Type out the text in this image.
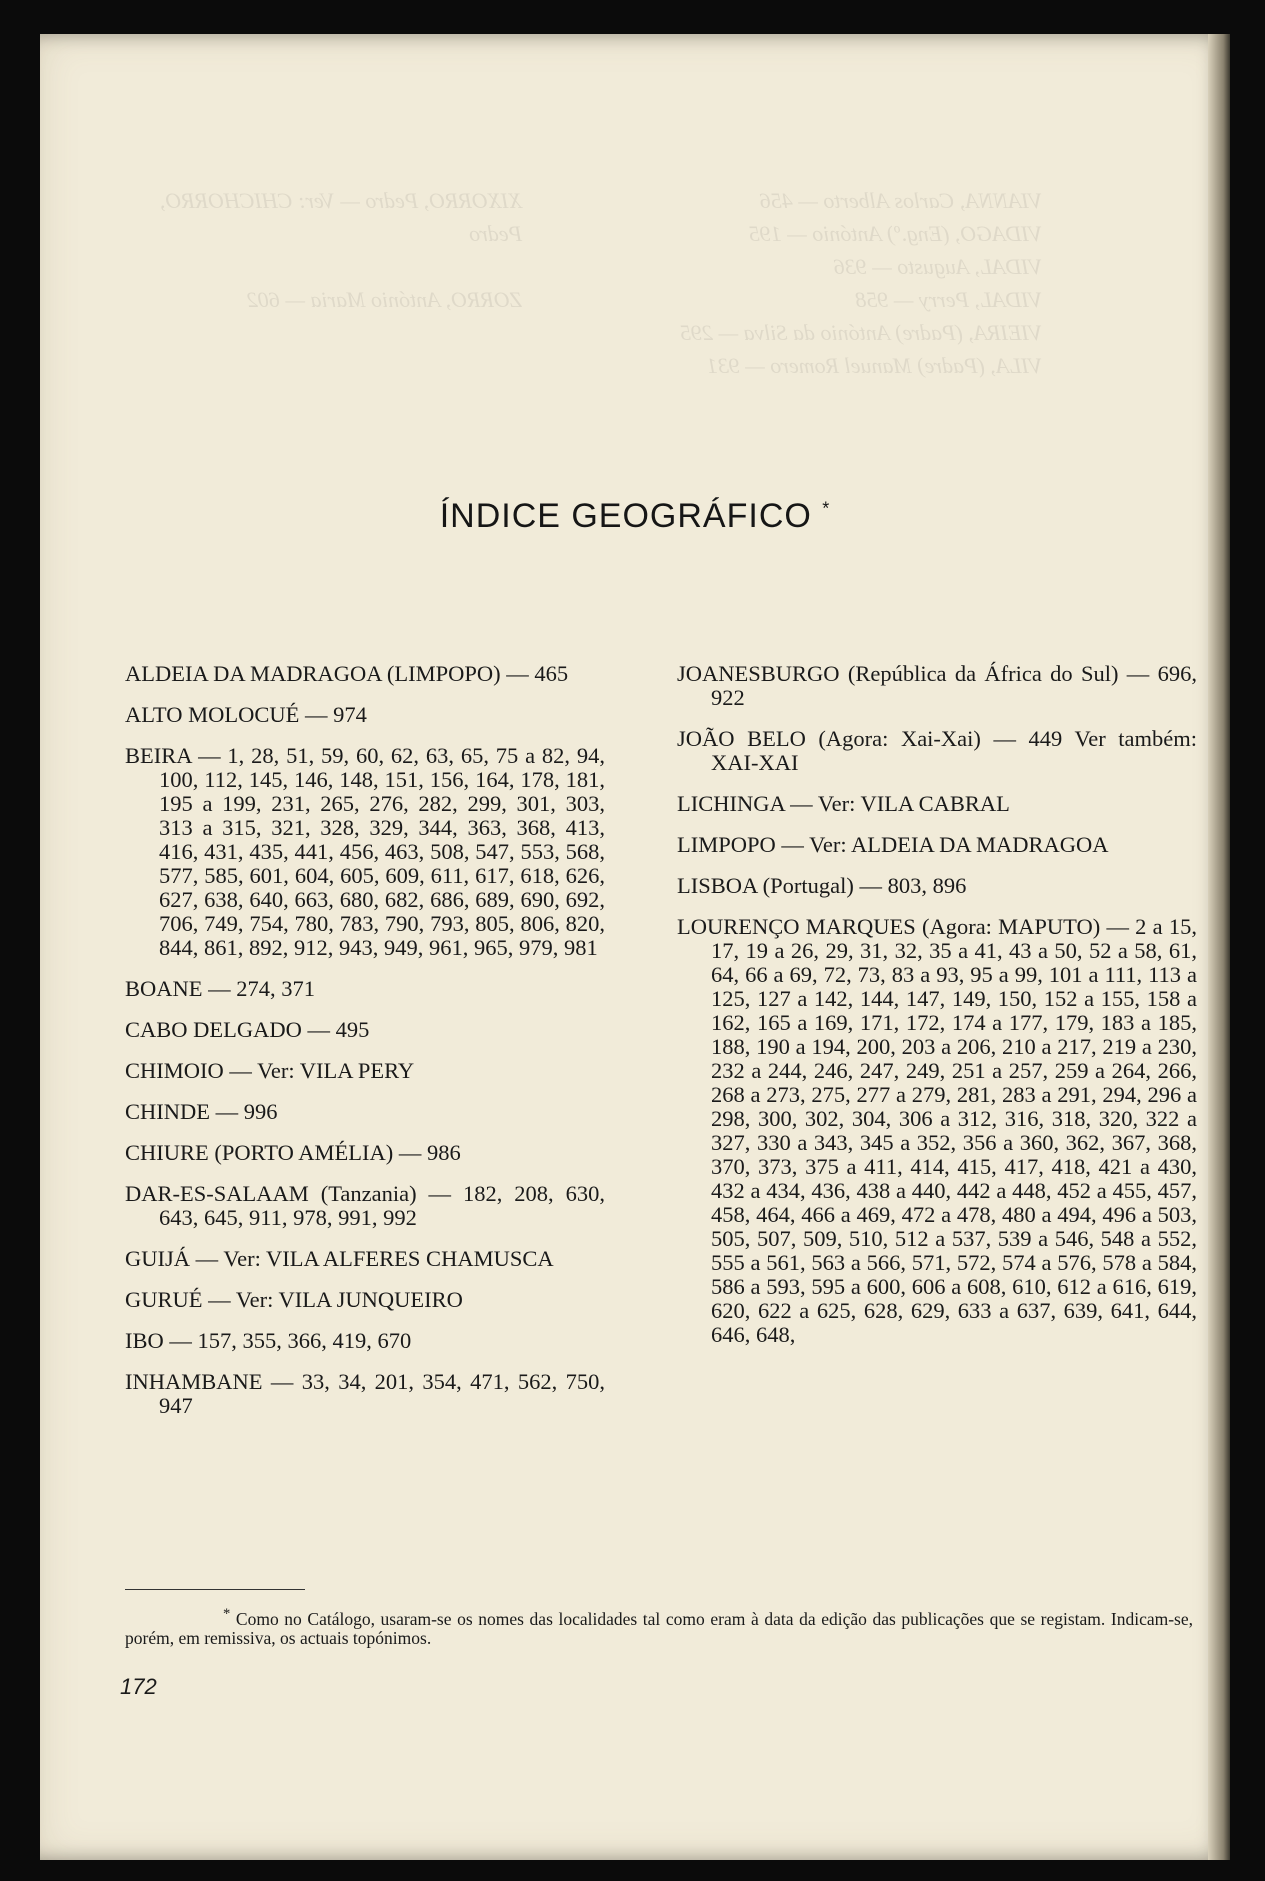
XIXORRO, Pedro — Ver: CHICHORRO,
Pedro

ZORRO, António Maria — 602
VIANNA, Carlos Alberto — 456
VIDAGO, (Eng.º) António — 195
VIDAL, Augusto — 936
VIDAL, Perry — 958
VIEIRA, (Padre) António da Silva — 295
VILA, (Padre) Manuel Romero — 931
ÍNDICE GEOGRÁFICO *
ALDEIA DA MADRAGOA (LIMPOPO) — 465
ALTO MOLOCUÉ — 974
BEIRA — 1, 28, 51, 59, 60, 62, 63, 65, 75 a 82, 94, 100, 112, 145, 146, 148, 151, 156, 164, 178, 181, 195 a 199, 231, 265, 276, 282, 299, 301, 303, 313 a 315, 321, 328, 329, 344, 363, 368, 413, 416, 431, 435, 441, 456, 463, 508, 547, 553, 568, 577, 585, 601, 604, 605, 609, 611, 617, 618, 626, 627, 638, 640, 663, 680, 682, 686, 689, 690, 692, 706, 749, 754, 780, 783, 790, 793, 805, 806, 820, 844, 861, 892, 912, 943, 949, 961, 965, 979, 981
BOANE — 274, 371
CABO DELGADO — 495
CHIMOIO — Ver: VILA PERY
CHINDE — 996
CHIURE (PORTO AMÉLIA) — 986
DAR-ES-SALAAM (Tanzania) — 182, 208, 630, 643, 645, 911, 978, 991, 992
GUIJÁ — Ver: VILA ALFERES CHAMUSCA
GURUÉ — Ver: VILA JUNQUEIRO
IBO — 157, 355, 366, 419, 670
INHAMBANE — 33, 34, 201, 354, 471, 562, 750, 947
JOANESBURGO (República da África do Sul) — 696, 922
JOÃO BELO (Agora: Xai-Xai) — 449 Ver também: XAI-XAI
LICHINGA — Ver: VILA CABRAL
LIMPOPO — Ver: ALDEIA DA MADRAGOA
LISBOA (Portugal) — 803, 896
LOURENÇO MARQUES (Agora: MAPUTO) — 2 a 15, 17, 19 a 26, 29, 31, 32, 35 a 41, 43 a 50, 52 a 58, 61, 64, 66 a 69, 72, 73, 83 a 93, 95 a 99, 101 a 111, 113 a 125, 127 a 142, 144, 147, 149, 150, 152 a 155, 158 a 162, 165 a 169, 171, 172, 174 a 177, 179, 183 a 185, 188, 190 a 194, 200, 203 a 206, 210 a 217, 219 a 230, 232 a 244, 246, 247, 249, 251 a 257, 259 a 264, 266, 268 a 273, 275, 277 a 279, 281, 283 a 291, 294, 296 a 298, 300, 302, 304, 306 a 312, 316, 318, 320, 322 a 327, 330 a 343, 345 a 352, 356 a 360, 362, 367, 368, 370, 373, 375 a 411, 414, 415, 417, 418, 421 a 430, 432 a 434, 436, 438 a 440, 442 a 448, 452 a 455, 457, 458, 464, 466 a 469, 472 a 478, 480 a 494, 496 a 503, 505, 507, 509, 510, 512 a 537, 539 a 546, 548 a 552, 555 a 561, 563 a 566, 571, 572, 574 a 576, 578 a 584, 586 a 593, 595 a 600, 606 a 608, 610, 612 a 616, 619, 620, 622 a 625, 628, 629, 633 a 637, 639, 641, 644, 646, 648,
* Como no Catálogo, usaram-se os nomes das localidades tal como eram à data da edição das publicações que se registam. Indicam-se, porém, em remissiva, os actuais topónimos.
172
